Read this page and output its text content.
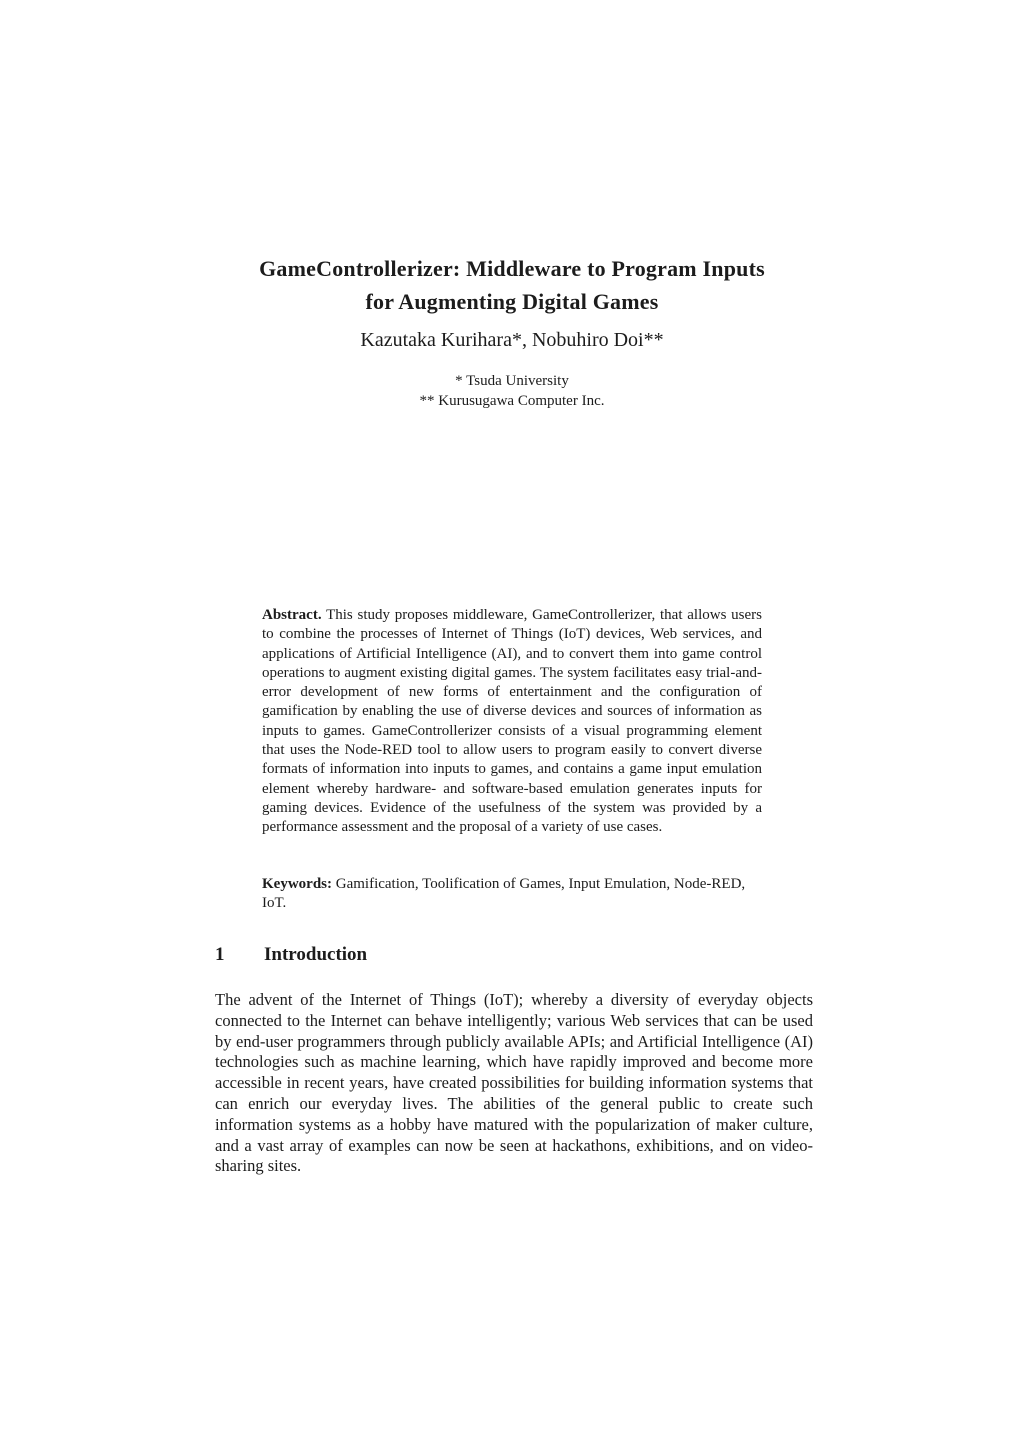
GameControllerizer: Middleware to Program Inputs
for Augmenting Digital Games
Kazutaka Kurihara*, Nobuhiro Doi**
* Tsuda University
** Kurusugawa Computer Inc.
Abstract. This study proposes middleware, GameControllerizer, that allows users to combine the processes of Internet of Things (IoT) devices, Web services, and applications of Artificial Intelligence (AI), and to convert them into game control operations to augment existing digital games. The system facilitates easy trial-and-error development of new forms of entertainment and the configuration of gamification by enabling the use of diverse devices and sources of information as inputs to games. GameControllerizer consists of a visual programming element that uses the Node-RED tool to allow users to program easily to convert diverse formats of information into inputs to games, and contains a game input emulation element whereby hardware- and software-based emulation generates inputs for gaming devices. Evidence of the usefulness of the system was provided by a performance assessment and the proposal of a variety of use cases.
Keywords: Gamification, Toolification of Games, Input Emulation, Node-RED, IoT.
1 Introduction

The advent of the Internet of Things (IoT); whereby a diversity of everyday objects connected to the Internet can behave intelligently; various Web services that can be used by end-user programmers through publicly available APIs; and Artificial Intelligence (AI) technologies such as machine learning, which have rapidly improved and become more accessible in recent years, have created possibilities for building information systems that can enrich our everyday lives. The abilities of the general public to create such information systems as a hobby have matured with the popularization of maker culture, and a vast array of examples can now be seen at hackathons, exhibitions, and on video-sharing sites.
